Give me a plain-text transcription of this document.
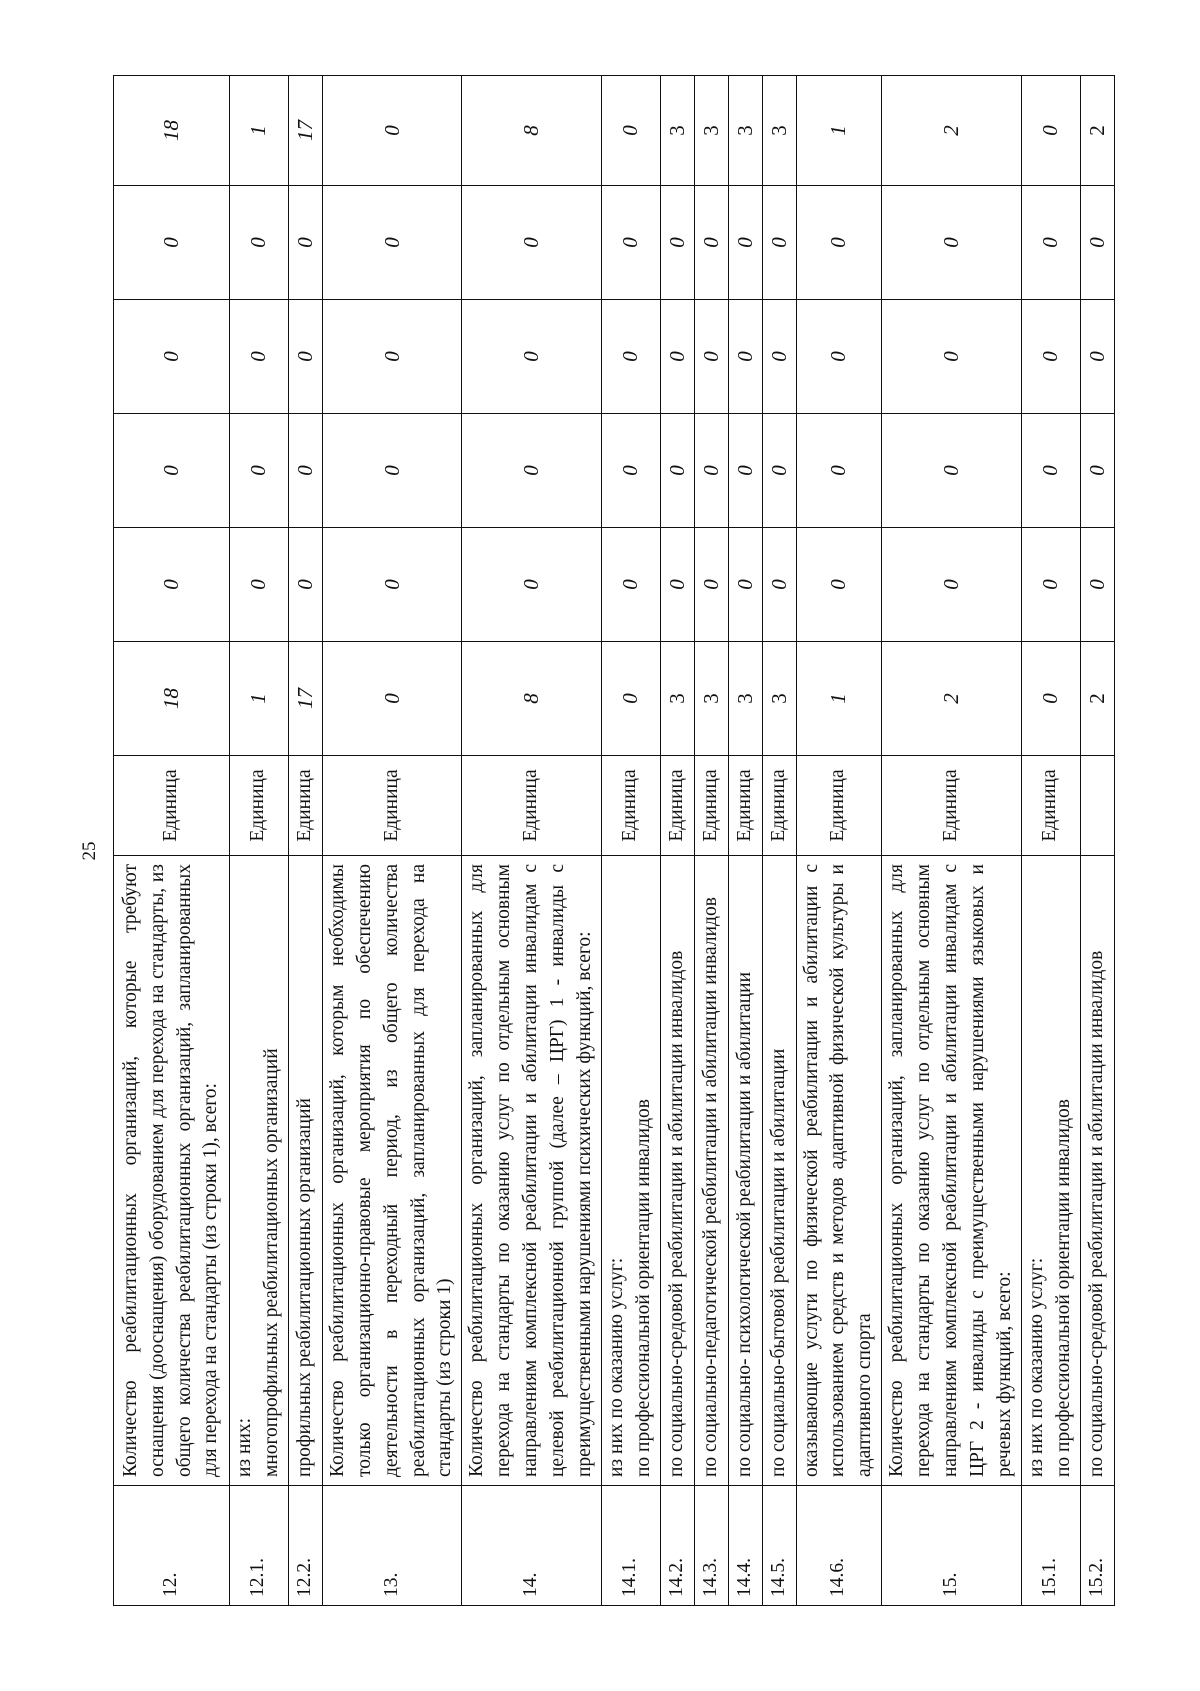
25
12.	Количество реабилитационных организаций, которые требуют оснащения (дооснащения) оборудованием для перехода на стандарты, из общего количества реабилитационных организаций, запланированных для перехода на стандарты (из строки 1), всего:	Единица	18	0	0	0	0	18
12.1.	из них: многопрофильных реабилитационных организаций	Единица	1	0	0	0	0	1
12.2.	профильных реабилитационных организаций	Единица	17	0	0	0	0	17
13.	Количество реабилитационных организаций, которым необходимы только организационно-правовые мероприятия по обеспечению деятельности в переходный период, из общего количества реабилитационных организаций, запланированных для перехода на стандарты (из строки 1)	Единица	0	0	0	0	0	0
14.	Количество реабилитационных организаций, запланированных для перехода на стандарты по оказанию услуг по отдельным основным направлениям комплексной реабилитации и абилитации инвалидам с целевой реабилитационной группой (далее – ЦРГ) 1 - инвалиды с преимущественными нарушениями психических функций, всего:	Единица	8	0	0	0	0	8
14.1.	из них по оказанию услуг: по профессиональной ориентации инвалидов	Единица	0	0	0	0	0	0
14.2.	по социально-средовой реабилитации и абилитации инвалидов	Единица	3	0	0	0	0	3
14.3.	по социально-педагогической реабилитации и абилитации инвалидов	Единица	3	0	0	0	0	3
14.4.	по социально- психологической реабилитации и абилитации	Единица	3	0	0	0	0	3
14.5.	по социально-бытовой реабилитации и абилитации	Единица	3	0	0	0	0	3
14.6.	оказывающие услуги по физической реабилитации и абилитации с использованием средств и методов адаптивной физической культуры и адаптивного спорта	Единица	1	0	0	0	0	1
15.	Количество реабилитационных организаций, запланированных для перехода на стандарты по оказанию услуг по отдельным основным направлениям комплексной реабилитации и абилитации инвалидам с ЦРГ 2 - инвалиды с преимущественными нарушениями языковых и речевых функций, всего:	Единица	2	0	0	0	0	2
15.1.	из них по оказанию услуг: по профессиональной ориентации инвалидов	Единица	0	0	0	0	0	0
15.2.	по социально-средовой реабилитации и абилитации инвалидов		2	0	0	0	0	2
